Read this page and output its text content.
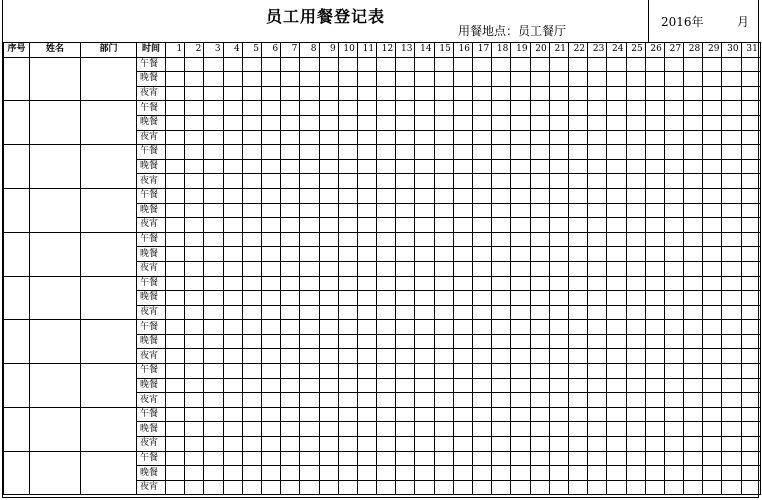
员工用餐登记表
用餐地点：员工餐厅
2016年	月
序号	姓名	部门	时间	1	2	3	4	5	6	7	8	9	10	11	12	13	14	15	16	17	18	19	20	21	22	23	24	25	26	27	28	29	30	31
			午餐																															
			晚餐																															
			夜宵																															
			午餐																															
			晚餐																															
			夜宵																															
			午餐																															
			晚餐																															
			夜宵																															
			午餐																															
			晚餐																															
			夜宵																															
			午餐																															
			晚餐																															
			夜宵																															
			午餐																															
			晚餐																															
			夜宵																															
			午餐																															
			晚餐																															
			夜宵																															
			午餐																															
			晚餐																															
			夜宵																															
			午餐																															
			晚餐																															
			夜宵																															
			午餐																															
			晚餐																															
			夜宵																															
